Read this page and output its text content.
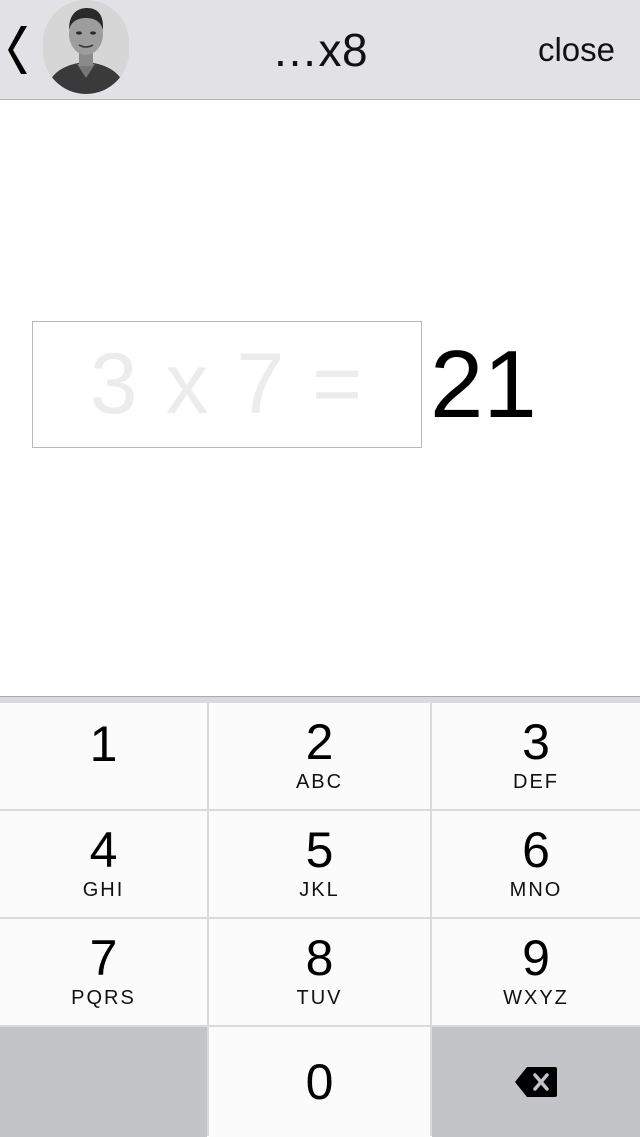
…x8	close
3 x 7 = 21
1	2
ABC
3
DEF
4
GHI
5
JKL
6
MNO
7
PQRS
8
TUV
9
WXYZ
0
